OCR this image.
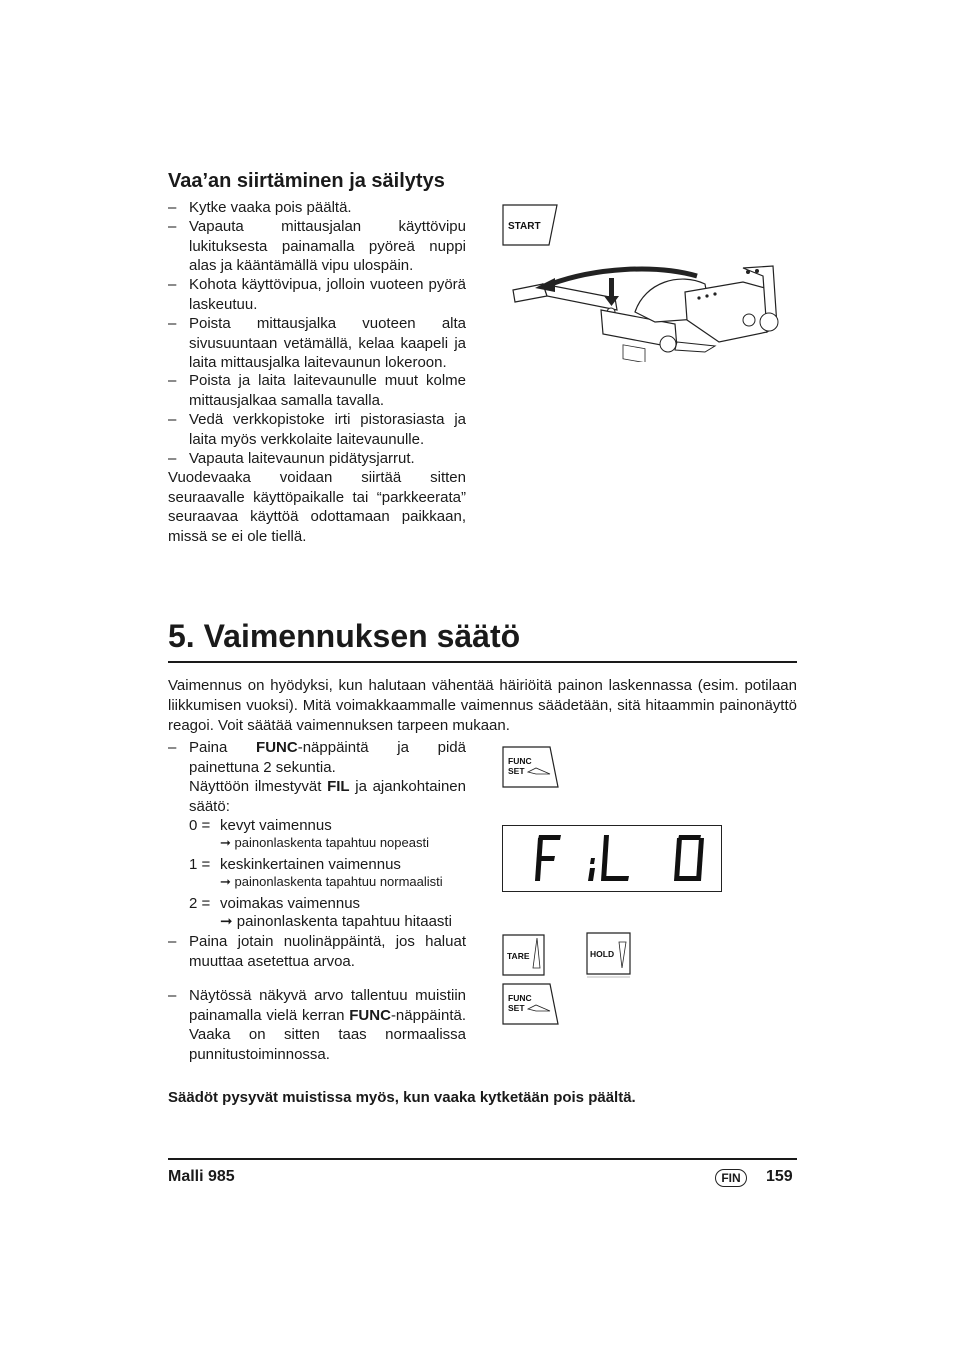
Vaa’an siirtäminen ja säilytys
– Kytke vaaka pois päältä.
– Vapauta mittausjalan käyttövipu lukituksesta painamalla pyöreä nuppi alas ja kääntämällä vipu ulospäin.
– Kohota käyttövipua, jolloin vuoteen pyörä laskeutuu.
– Poista mittausjalka vuoteen alta sivusuuntaan vetämällä, kelaa kaapeli ja laita mittausjalka laitevaunun lokeroon.
– Poista ja laita laitevaunulle muut kolme mittausjalkaa samalla tavalla.
– Vedä verkkopistoke irti pistorasiasta ja laita myös verkkolaite laitevaunulle.
– Vapauta laitevaunun pidätysjarrut.
Vuodevaaka voidaan siirtää sitten seuraavalle käyttöpaikalle tai “parkkeerata” seuraavaa käyttöä odottamaan paikkaan, missä se ei ole tiellä.
START
5. Vaimennuksen säätö
Vaimennus on hyödyksi, kun halutaan vähentää häiriöitä painon laskennassa (esim. potilaan liikkumisen vuoksi). Mitä voimakkaammalle vaimennus säädetään, sitä hitaammin painonäyttö reagoi. Voit säätää vaimennuksen tarpeen mukaan.
– Paina FUNC-näppäintä ja pidä painettuna 2 sekuntia.
Näyttöön ilmestyvät FIL ja ajankohtainen säätö:
0 = kevyt vaimennus
➞ painonlaskenta tapahtuu nopeasti
1 = keskinkertainen vaimennus
➞ painonlaskenta tapahtuu normaalisti
2 = voimakas vaimennus
➞ painonlaskenta tapahtuu hitaasti
– Paina jotain nuolinäppäintä, jos haluat muuttaa asetettua arvoa.
– Näytössä näkyvä arvo tallentuu muistiin painamalla vielä kerran FUNC-näppäintä. Vaaka on sitten taas normaalissa punnitustoiminnossa.
FUNC
SET
TARE	HOLD
FUNC
SET
Säädöt pysyvät muistissa myös, kun vaaka kytketään pois päältä.
Malli 985	FIN	159
